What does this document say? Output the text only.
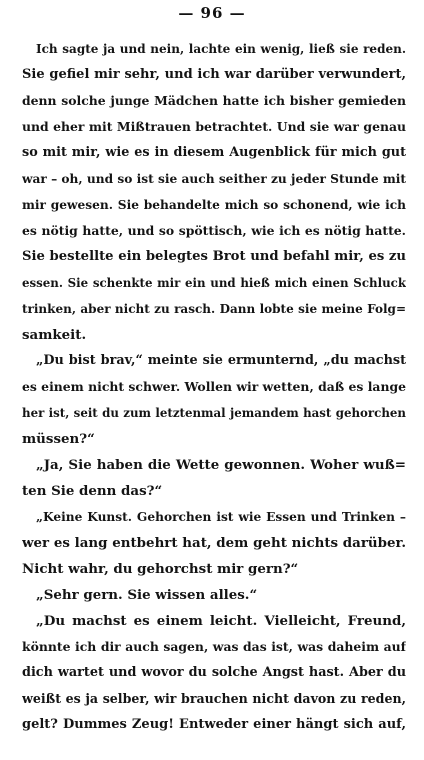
— 96 —
Ich sagte ja und nein, lachte ein wenig, ließ sie reden.
Sie gefiel mir sehr, und ich war darüber verwundert,
denn solche junge Mädchen hatte ich bisher gemieden
und eher mit Mißtrauen betrachtet. Und sie war genau
so mit mir, wie es in diesem Augenblick für mich gut
war – oh, und so ist sie auch seither zu jeder Stunde mit
mir gewesen. Sie behandelte mich so schonend, wie ich
es nötig hatte, und so spöttisch, wie ich es nötig hatte.
Sie bestellte ein belegtes Brot und befahl mir, es zu
essen. Sie schenkte mir ein und hieß mich einen Schluck
trinken, aber nicht zu rasch. Dann lobte sie meine Folg=
samkeit.
„Du bist brav,“ meinte sie ermunternd, „du machst
es einem nicht schwer. Wollen wir wetten, daß es lange
her ist, seit du zum letztenmal jemandem hast gehorchen
müssen?“
„Ja, Sie haben die Wette gewonnen. Woher wuß=
ten Sie denn das?“
„Keine Kunst. Gehorchen ist wie Essen und Trinken –
wer es lang entbehrt hat, dem geht nichts darüber.
Nicht wahr, du gehorchst mir gern?“
„Sehr gern. Sie wissen alles.“
„Du machst es einem leicht. Vielleicht, Freund,
könnte ich dir auch sagen, was das ist, was daheim auf
dich wartet und wovor du solche Angst hast. Aber du
weißt es ja selber, wir brauchen nicht davon zu reden,
gelt? Dummes Zeug! Entweder einer hängt sich auf,
